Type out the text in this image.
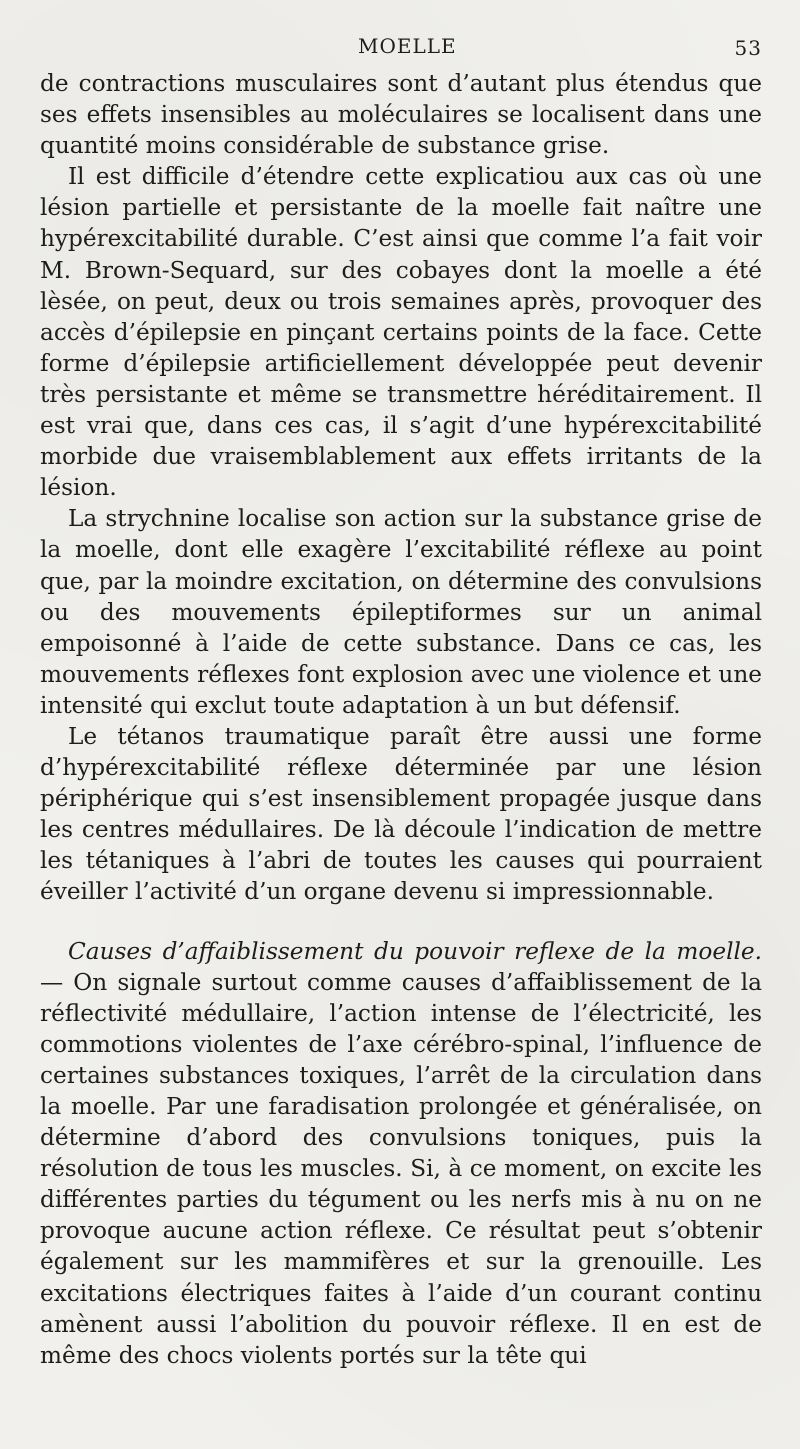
MOELLE	53

de contractions musculaires sont d’autant plus étendus que ses effets insensibles au moléculaires se localisent dans une quantité moins considérable de substance grise.

Il est difficile d’étendre cette explicatiou aux cas où une lésion partielle et persistante de la moelle fait naître une hypérexcitabilité durable. C’est ainsi que comme l’a fait voir M. Brown-Sequard, sur des cobayes dont la moelle a été lèsée, on peut, deux ou trois semaines après, provoquer des accès d’épilepsie en pinçant certains points de la face. Cette forme d’épilepsie artificiellement développée peut devenir très persistante et même se transmettre héréditairement. Il est vrai que, dans ces cas, il s’agit d’une hypérexcitabilité morbide due vraisemblablement aux effets irritants de la lésion.

La strychnine localise son action sur la substance grise de la moelle, dont elle exagère l’excitabilité réflexe au point que, par la moindre excitation, on détermine des convulsions ou des mouvements épileptiformes sur un animal empoisonné à l’aide de cette substance. Dans ce cas, les mouvements réflexes font explosion avec une violence et une intensité qui exclut toute adaptation à un but défensif.

Le tétanos traumatique paraît être aussi une forme d’hypérexcitabilité réflexe déterminée par une lésion périphérique qui s’est insensiblement propagée jusque dans les centres médullaires. De là découle l’indication de mettre les tétaniques à l’abri de toutes les causes qui pourraient éveiller l’activité d’un organe devenu si impressionnable.

Causes d’affaiblissement du pouvoir reflexe de la moelle. — On signale surtout comme causes d’affaiblissement de la réflectivité médullaire, l’action intense de l’électricité, les commotions violentes de l’axe cérébro-spinal, l’influence de certaines substances toxiques, l’arrêt de la circulation dans la moelle. Par une faradisation prolongée et généralisée, on détermine d’abord des convulsions toniques, puis la résolution de tous les muscles. Si, à ce moment, on excite les différentes parties du tégument ou les nerfs mis à nu on ne provoque aucune action réflexe. Ce résultat peut s’obtenir également sur les mammifères et sur la grenouille. Les excitations électriques faites à l’aide d’un courant continu amènent aussi l’abolition du pouvoir réflexe. Il en est de même des chocs violents portés sur la tête qui
